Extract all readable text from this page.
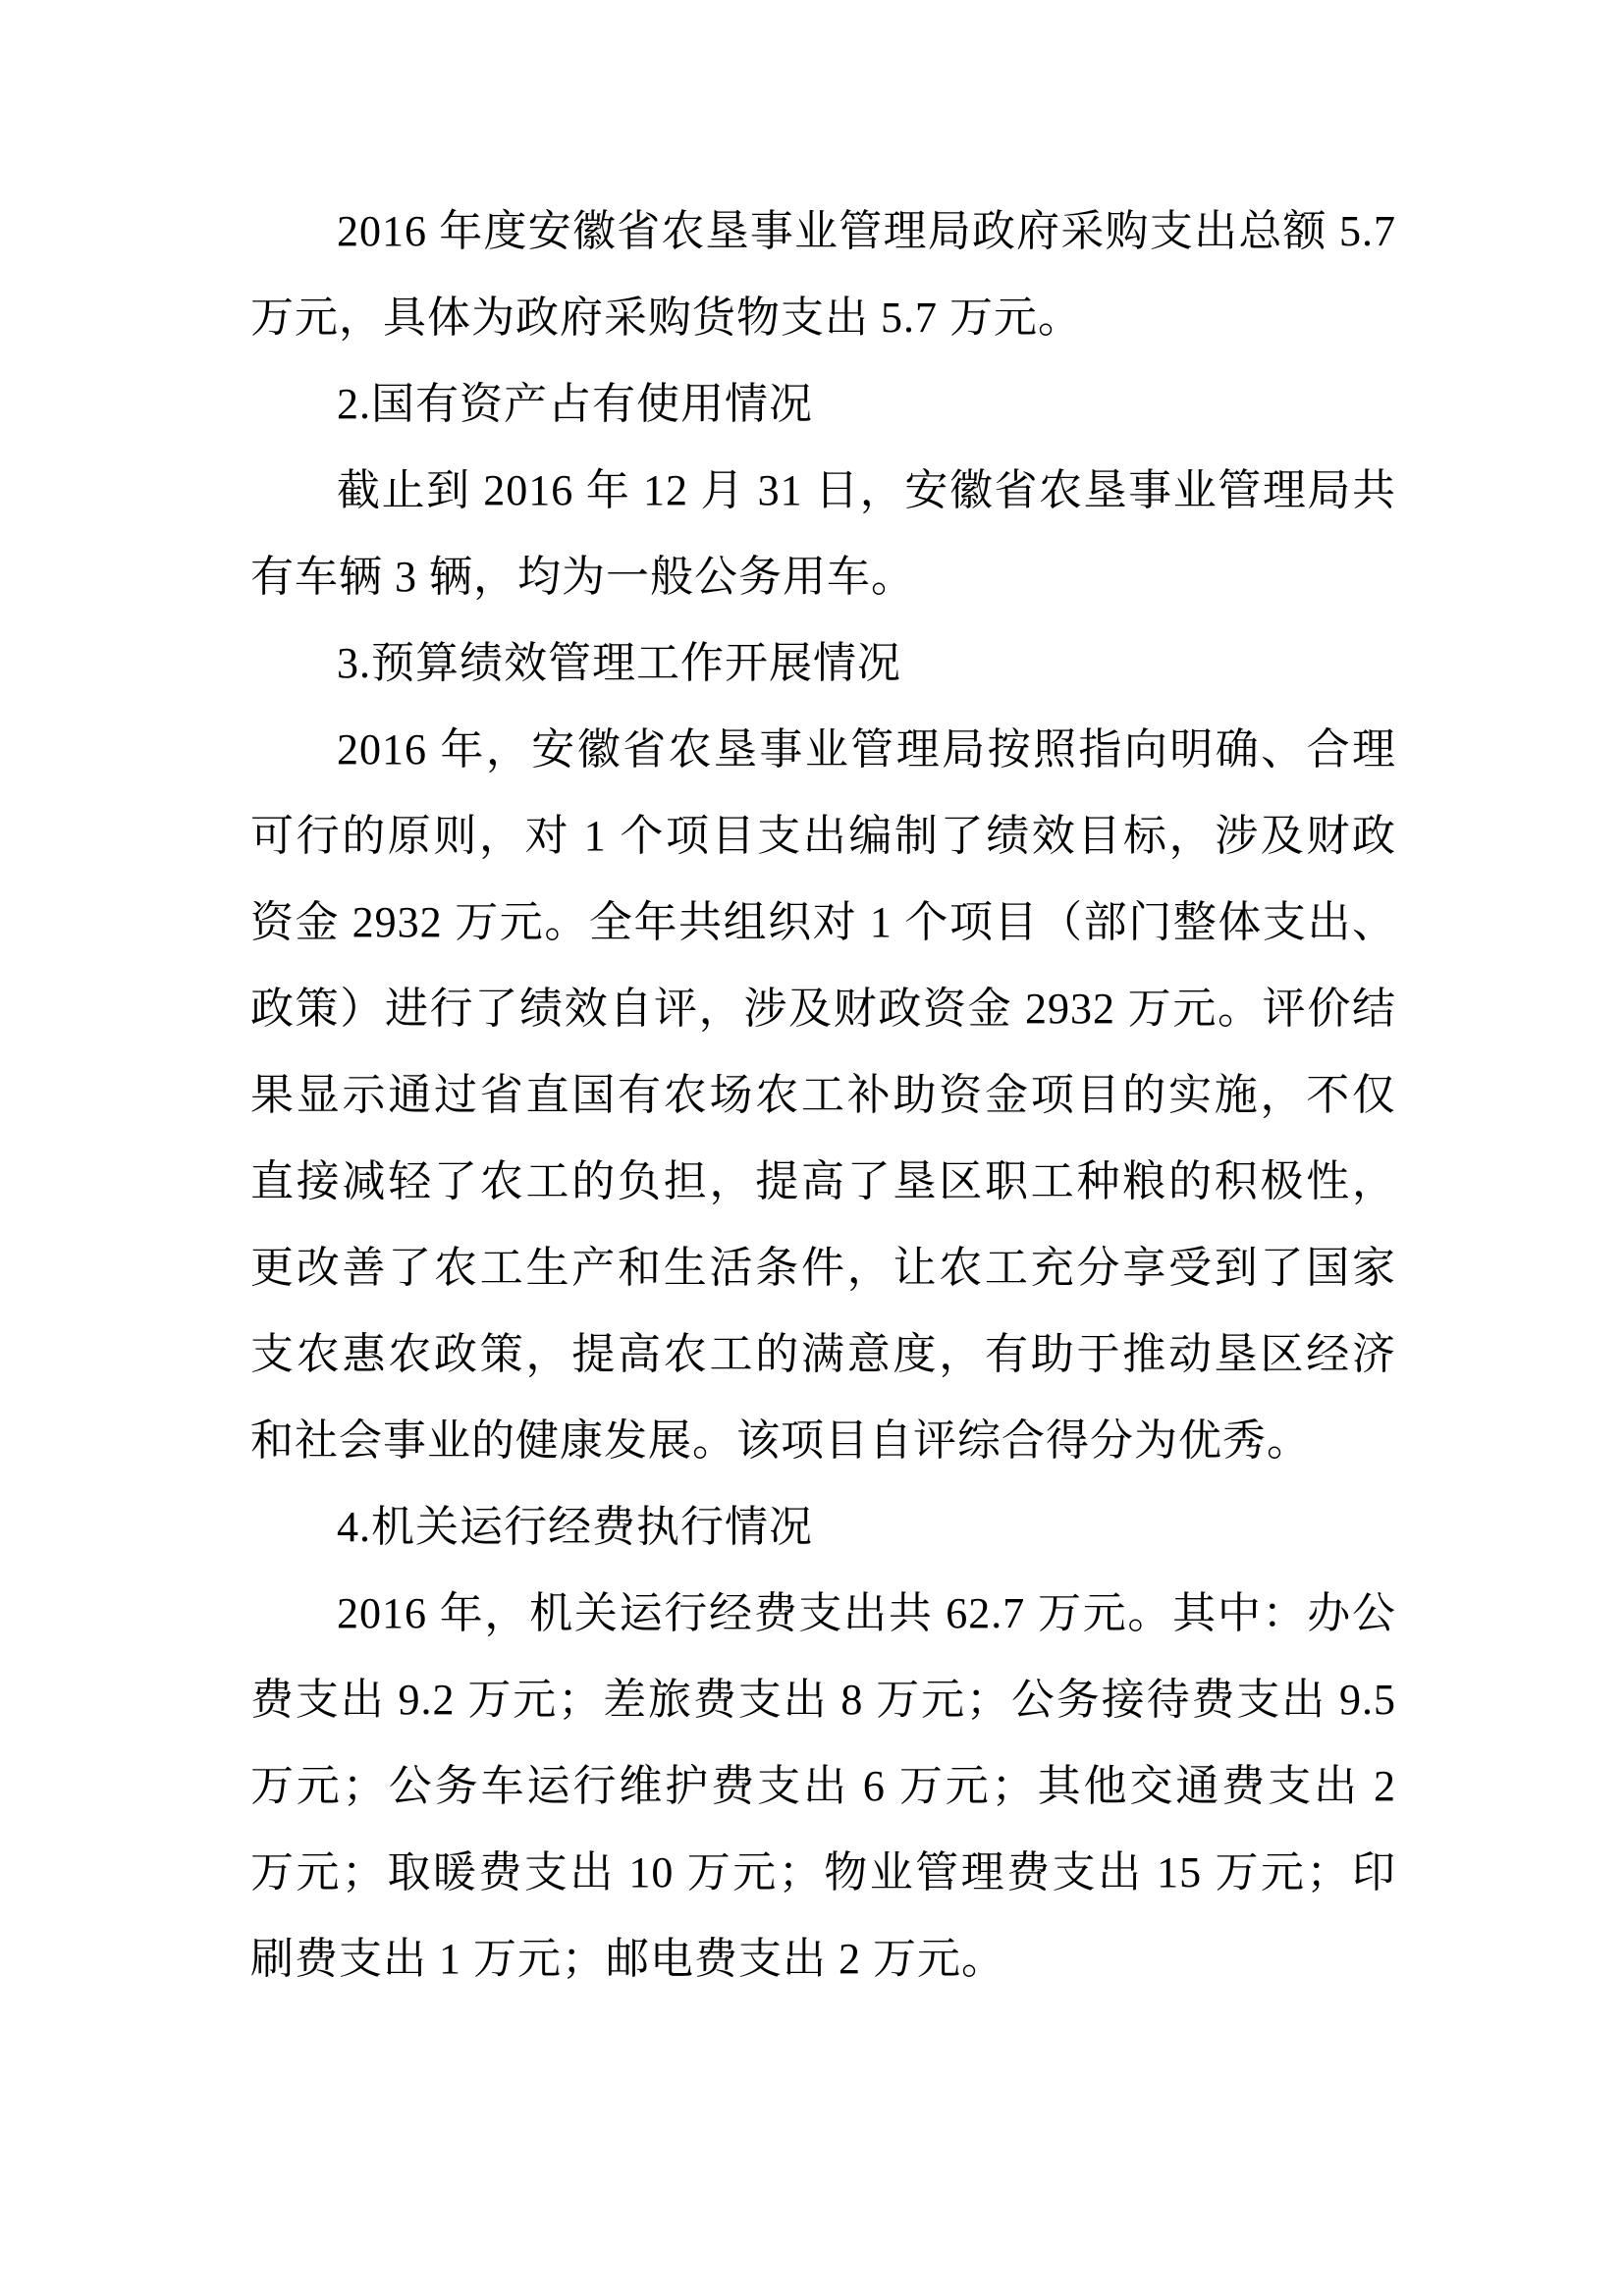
2016 年度安徽省农垦事业管理局政府采购支出总额 5.7 万元，具体为政府采购货物支出 5.7 万元。

2.国有资产占有使用情况

截止到 2016 年 12 月 31 日，安徽省农垦事业管理局共有车辆 3 辆，均为一般公务用车。

3.预算绩效管理工作开展情况

2016 年，安徽省农垦事业管理局按照指向明确、合理可行的原则，对 1 个项目支出编制了绩效目标，涉及财政资金 2932 万元。全年共组织对 1 个项目（部门整体支出、政策）进行了绩效自评，涉及财政资金 2932 万元。评价结果显示通过省直国有农场农工补助资金项目的实施，不仅直接减轻了农工的负担，提高了垦区职工种粮的积极性，更改善了农工生产和生活条件，让农工充分享受到了国家支农惠农政策，提高农工的满意度，有助于推动垦区经济和社会事业的健康发展。该项目自评综合得分为优秀。

4.机关运行经费执行情况

2016 年，机关运行经费支出共 62.7 万元。其中：办公费支出 9.2 万元；差旅费支出 8 万元；公务接待费支出 9.5 万元；公务车运行维护费支出 6 万元；其他交通费支出 2 万元；取暖费支出 10 万元；物业管理费支出 15 万元；印刷费支出 1 万元；邮电费支出 2 万元。
